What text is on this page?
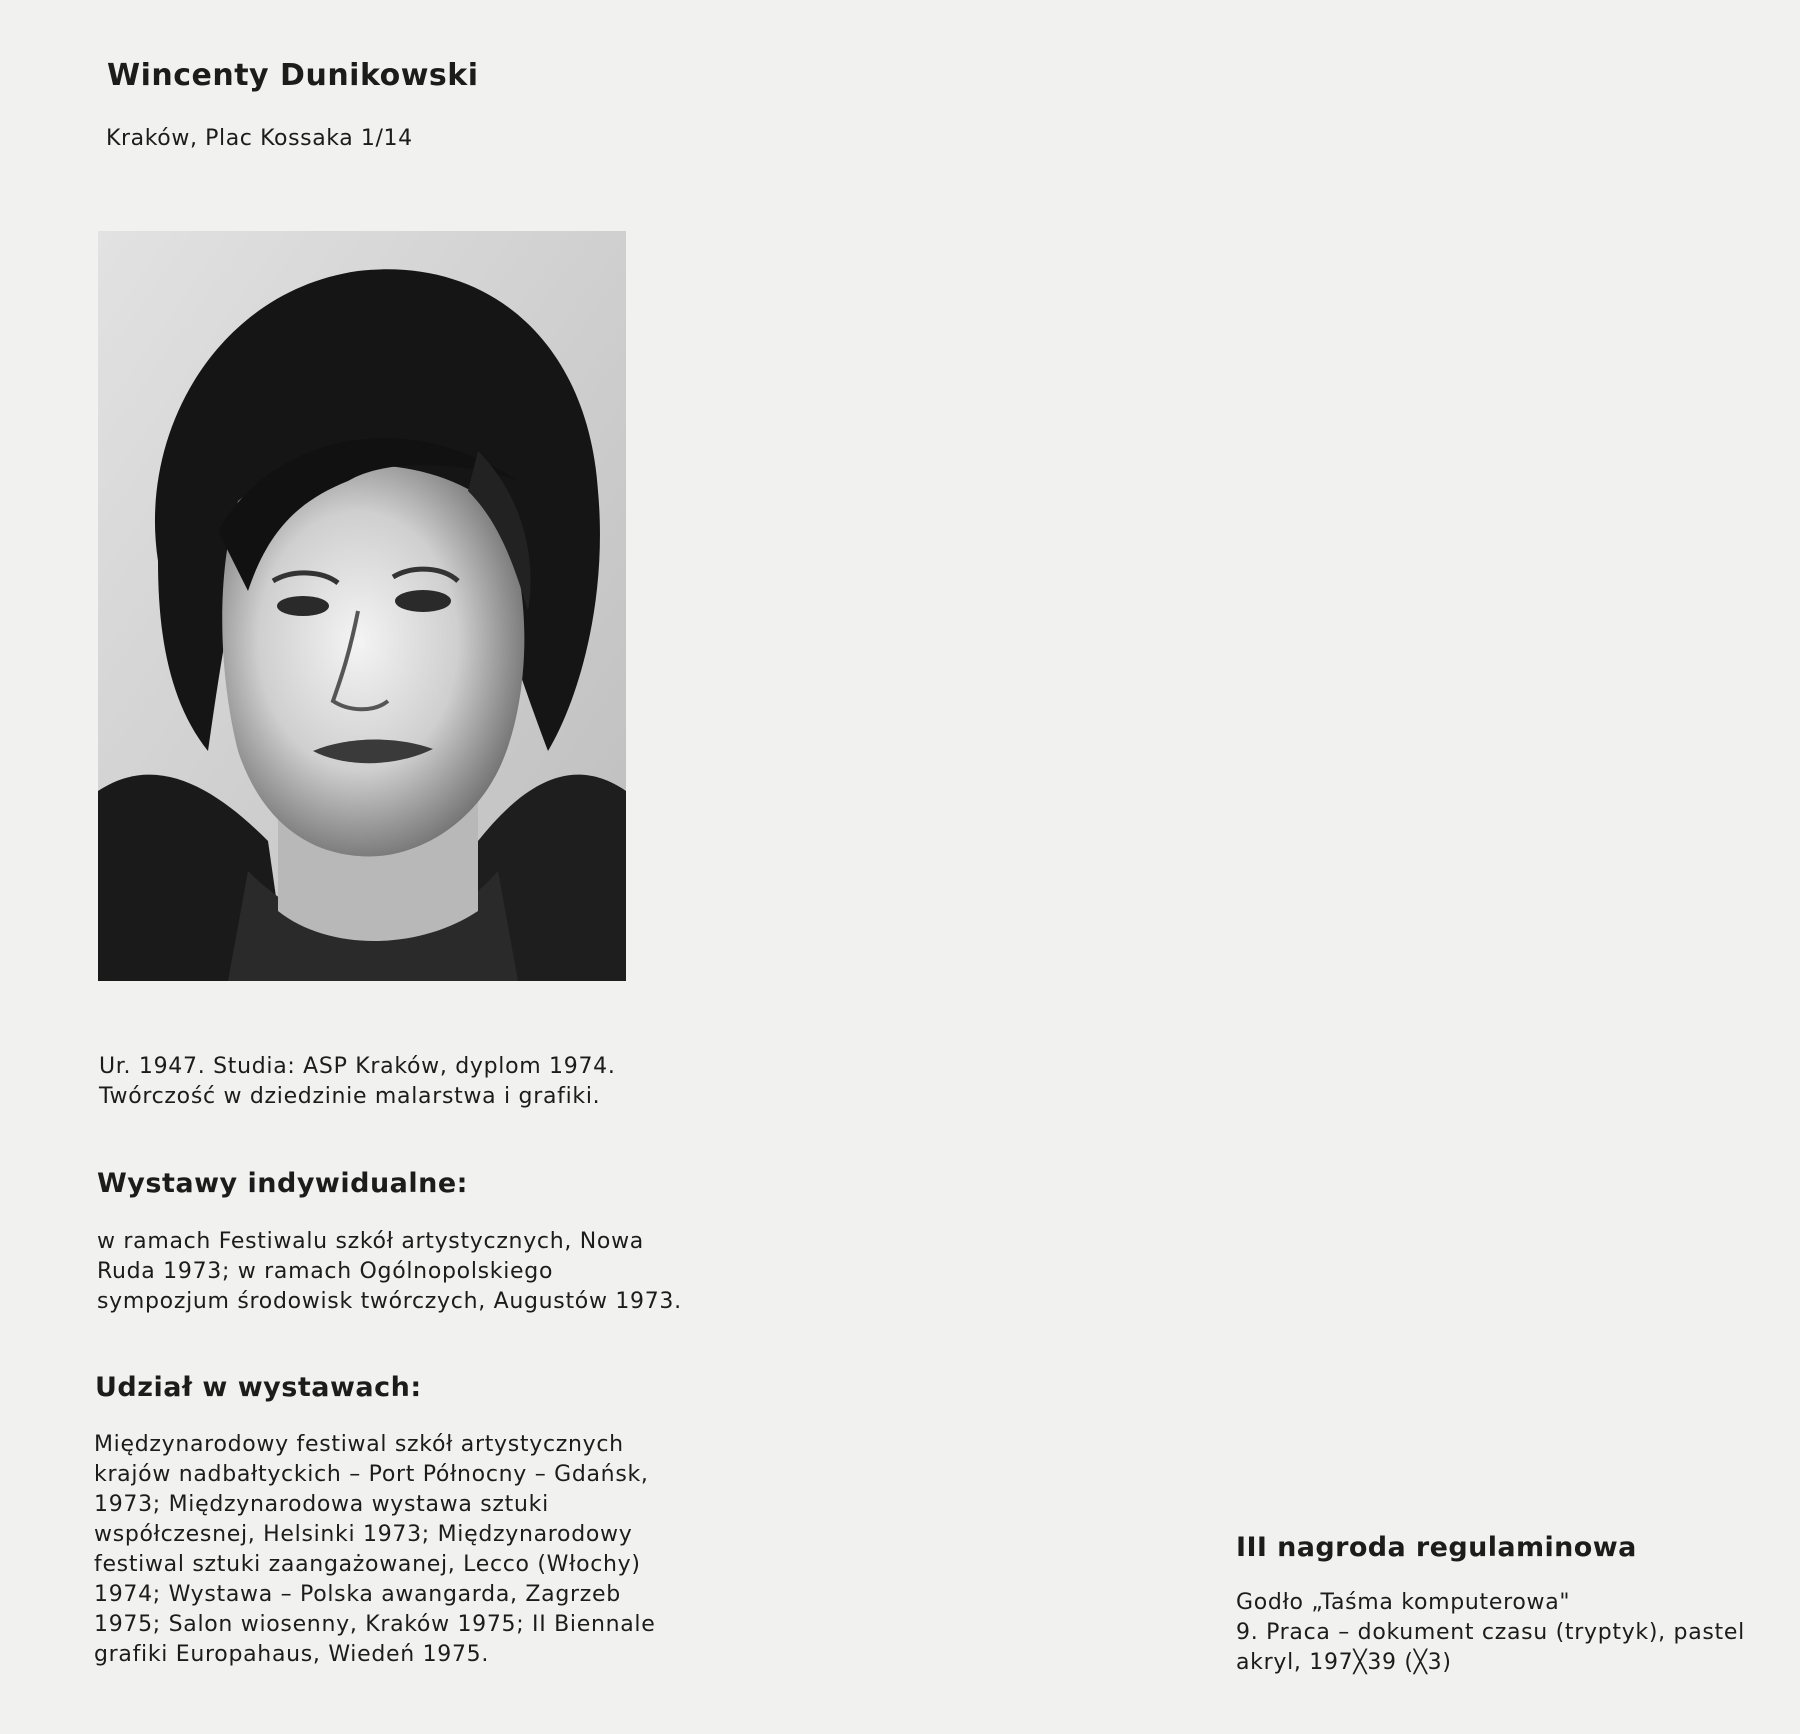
Wincenty Dunikowski

Kraków, Plac Kossaka 1/14

Ur. 1947. Studia: ASP Kraków, dyplom 1974.
Twórczość w dziedzinie malarstwa i grafiki.

Wystawy indywidualne:

w ramach Festiwalu szkół artystycznych, Nowa
Ruda 1973; w ramach Ogólnopolskiego
sympozjum środowisk twórczych, Augustów 1973.

Udział w wystawach:

Międzynarodowy festiwal szkół artystycznych
krajów nadbałtyckich – Port Północny – Gdańsk,
1973; Międzynarodowa wystawa sztuki
współczesnej, Helsinki 1973; Międzynarodowy
festiwal sztuki zaangażowanej, Lecco (Włochy)
1974; Wystawa – Polska awangarda, Zagrzeb
1975; Salon wiosenny, Kraków 1975; II Biennale
grafiki Europahaus, Wiedeń 1975.

III nagroda regulaminowa

Godło „Taśma komputerowa"
9. Praca – dokument czasu (tryptyk), pastel
akryl, 197╳39 (╳3)
